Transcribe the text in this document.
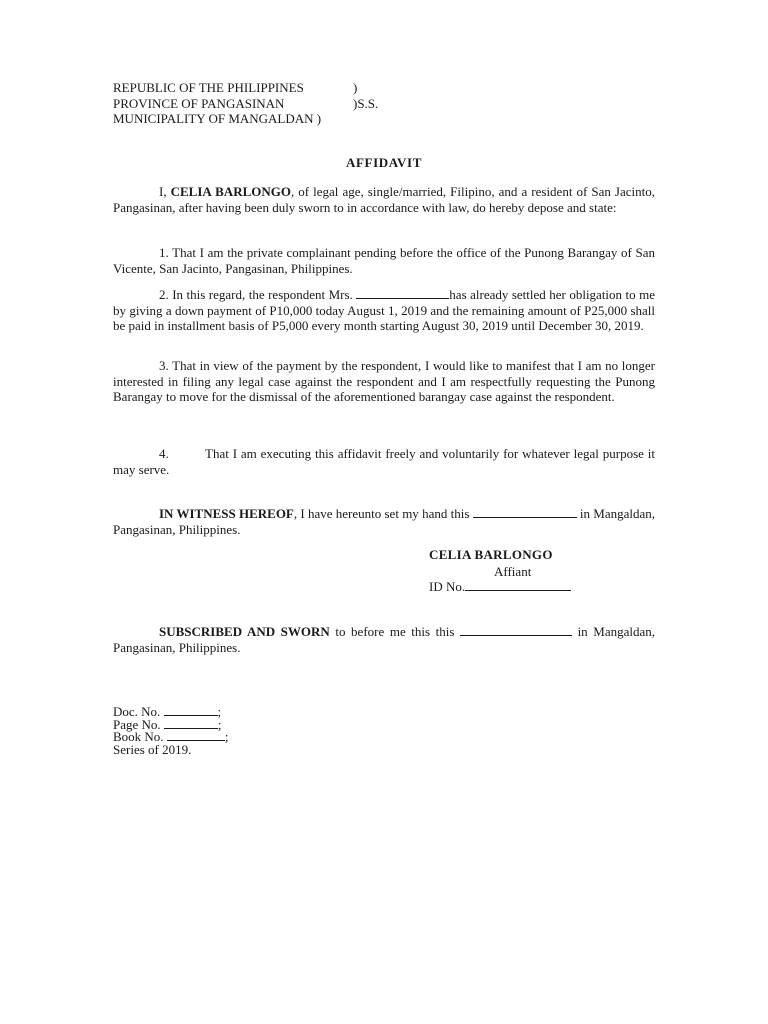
REPUBLIC OF THE PHILIPPINES	)
PROVINCE OF PANGASINAN	)S.S.
MUNICIPALITY OF MANGALDAN )
AFFIDAVIT
I, CELIA BARLONGO, of legal age, single/married, Filipino, and a resident of San Jacinto, Pangasinan, after having been duly sworn to in accordance with law, do hereby depose and state:
1. That I am the private complainant pending before the office of the Punong Barangay of San Vicente, San Jacinto, Pangasinan, Philippines.
2. In this regard, the respondent Mrs.	has already settled her obligation to me by giving a down payment of P10,000 today August 1, 2019 and the remaining amount of P25,000 shall be paid in installment basis of P5,000 every month starting August 30, 2019 until December 30, 2019.
3. That in view of the payment by the respondent, I would like to manifest that I am no longer interested in filing any legal case against the respondent and I am respectfully requesting the Punong Barangay to move for the dismissal of the aforementioned barangay case against the respondent.
4.	That I am executing this affidavit freely and voluntarily for whatever legal purpose it may serve.
IN WITNESS HEREOF, I have hereunto set my hand this	in Mangaldan, Pangasinan, Philippines.
CELIA BARLONGO
Affiant
ID No.
SUBSCRIBED AND SWORN to before me this this	in Mangaldan, Pangasinan, Philippines.
Doc. No.	;
Page No.	;
Book No.	;
Series of 2019.
